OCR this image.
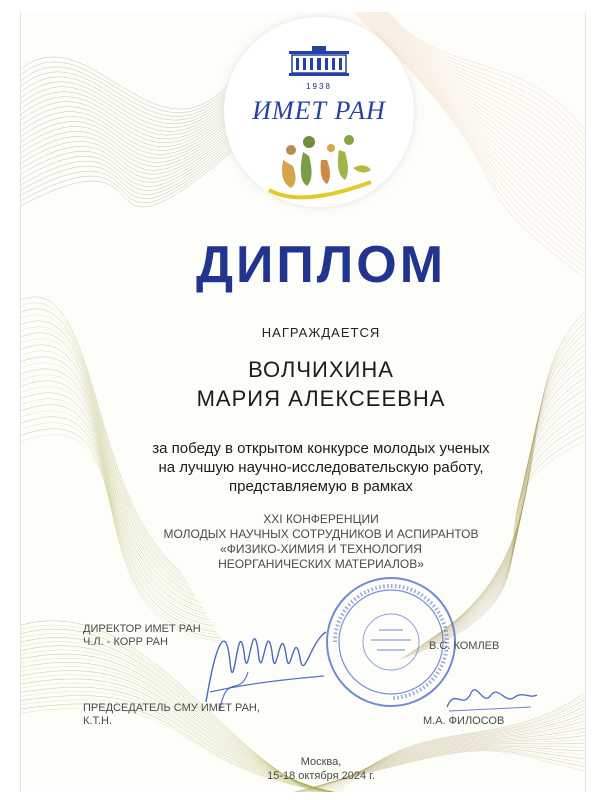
1938
ИМЕТ РАН
ДИПЛОМ
НАГРАЖДАЕТСЯ
ВОЛЧИХИНА
МАРИЯ АЛЕКСЕЕВНА
за победу в открытом конкурсе молодых ученых
на лучшую научно-исследовательскую работу,
представляемую в рамках
XXI КОНФЕРЕНЦИИ
МОЛОДЫХ НАУЧНЫХ СОТРУДНИКОВ И АСПИРАНТОВ
«ФИЗИКО-ХИМИЯ И ТЕХНОЛОГИЯ
НЕОРГАНИЧЕСКИХ МАТЕРИАЛОВ»
ДИРЕКТОР ИМЕТ РАН
Ч.Л. - КОРР РАН	В.С. КОМЛЕВ
ПРЕДСЕДАТЕЛЬ СМУ ИМЕТ РАН,
К.Т.Н.	М.А. ФИЛОСОВ
Москва,
15-18 октября 2024 г.
